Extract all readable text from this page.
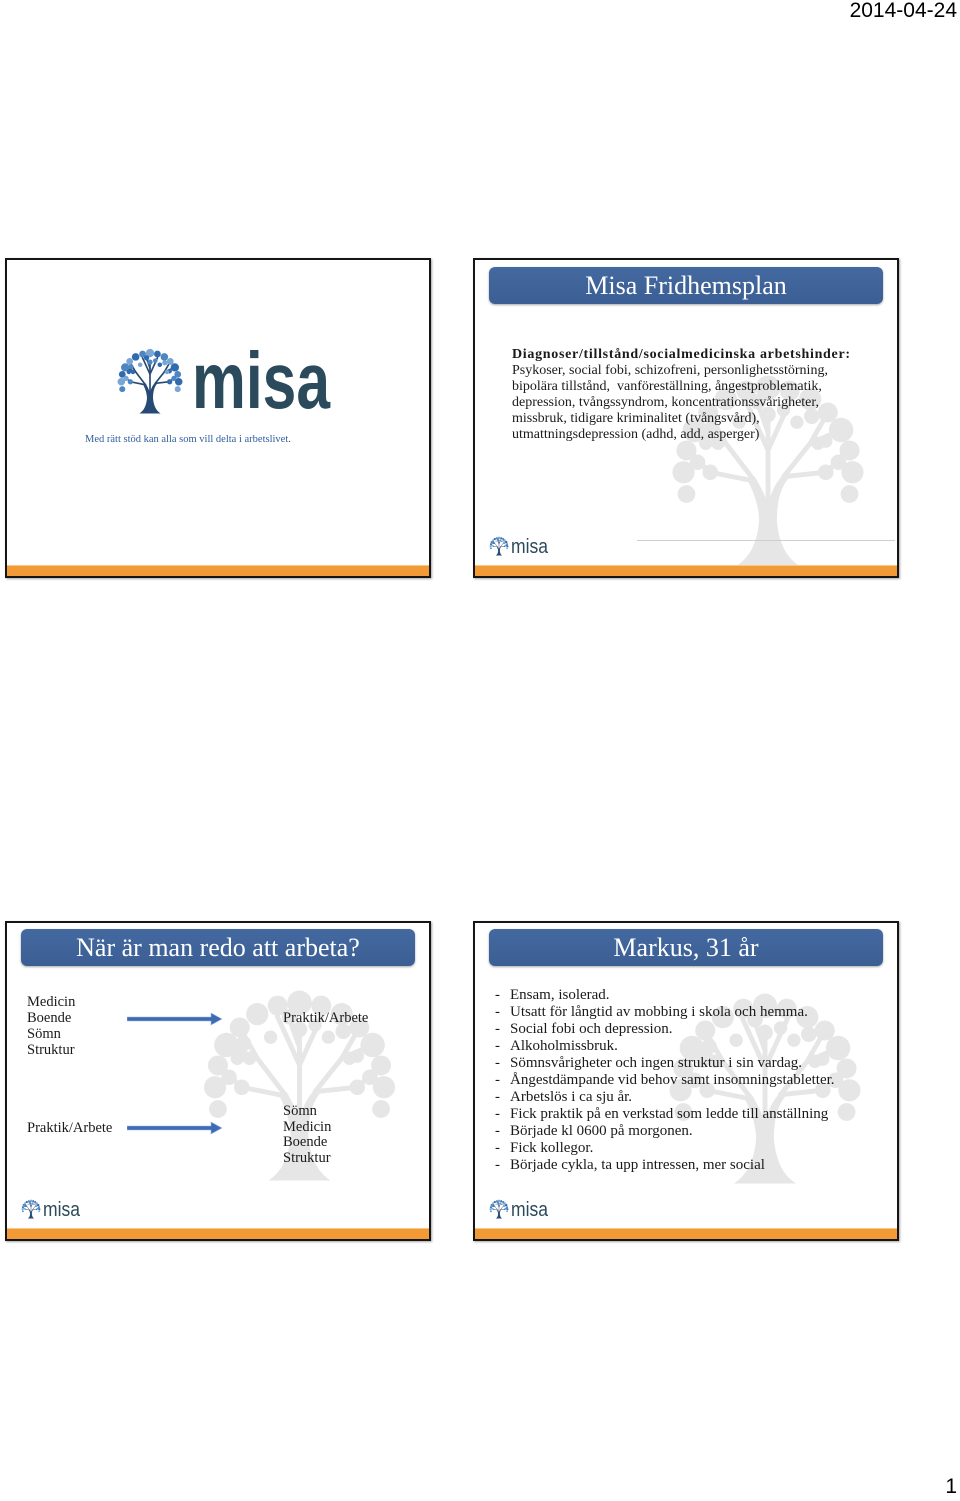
2014-04-24
misa
Med rätt stöd kan alla som vill delta i arbetslivet.
Misa Fridhemsplan
Diagnoser/tillstånd/socialmedicinska arbetshinder:
Psykoser, social fobi, schizofreni, personlighetsstörning,
bipolära tillstånd,  vanföreställning, ångestproblematik,
depression, tvångssyndrom, koncentrationssvårigheter,
missbruk, tidigare kriminalitet (tvångsvård),
utmattningsdepression (adhd, add, asperger)
misa
När är man redo att arbeta?
Medicin
Boende
Sömn
Struktur
Praktik/Arbete
Praktik/Arbete
Sömn
Medicin
Boende
Struktur
misa
Markus, 31 år
- Ensam, isolerad.
- Utsatt för långtid av mobbing i skola och hemma.
- Social fobi och depression.
- Alkoholmissbruk.
- Sömnsvårigheter och ingen struktur i sin vardag.
- Ångestdämpande vid behov samt insomningstabletter.
- Arbetslös i ca sju år.
- Fick praktik på en verkstad som ledde till anställning
- Började kl 0600 på morgonen.
- Fick kollegor.
- Började cykla, ta upp intressen, mer social
misa
1
